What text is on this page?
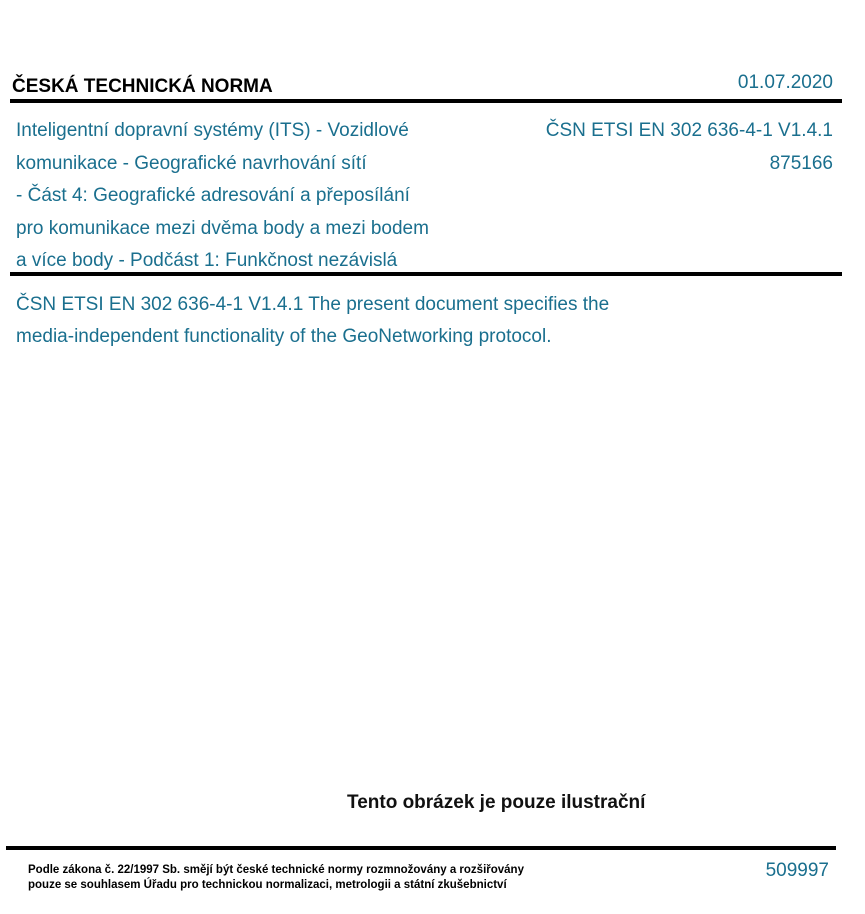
ČESKÁ TECHNICKÁ NORMA	01.07.2020
Inteligentní dopravní systémy (ITS) - Vozidlové
komunikace - Geografické navrhování sítí
- Část 4: Geografické adresování a přeposílání
pro komunikace mezi dvěma body a mezi bodem
a více body - Podčást 1: Funkčnost nezávislá
ČSN ETSI EN 302 636-4-1 V1.4.1
875166
ČSN ETSI EN 302 636-4-1 V1.4.1 The present document specifies the
media-independent functionality of the GeoNetworking protocol.
Tento obrázek je pouze ilustrační
Podle zákona č. 22/1997 Sb. smějí být české technické normy rozmnožovány a rozšiřovány
pouze se souhlasem Úřadu pro technickou normalizaci, metrologii a státní zkušebnictví
509997
